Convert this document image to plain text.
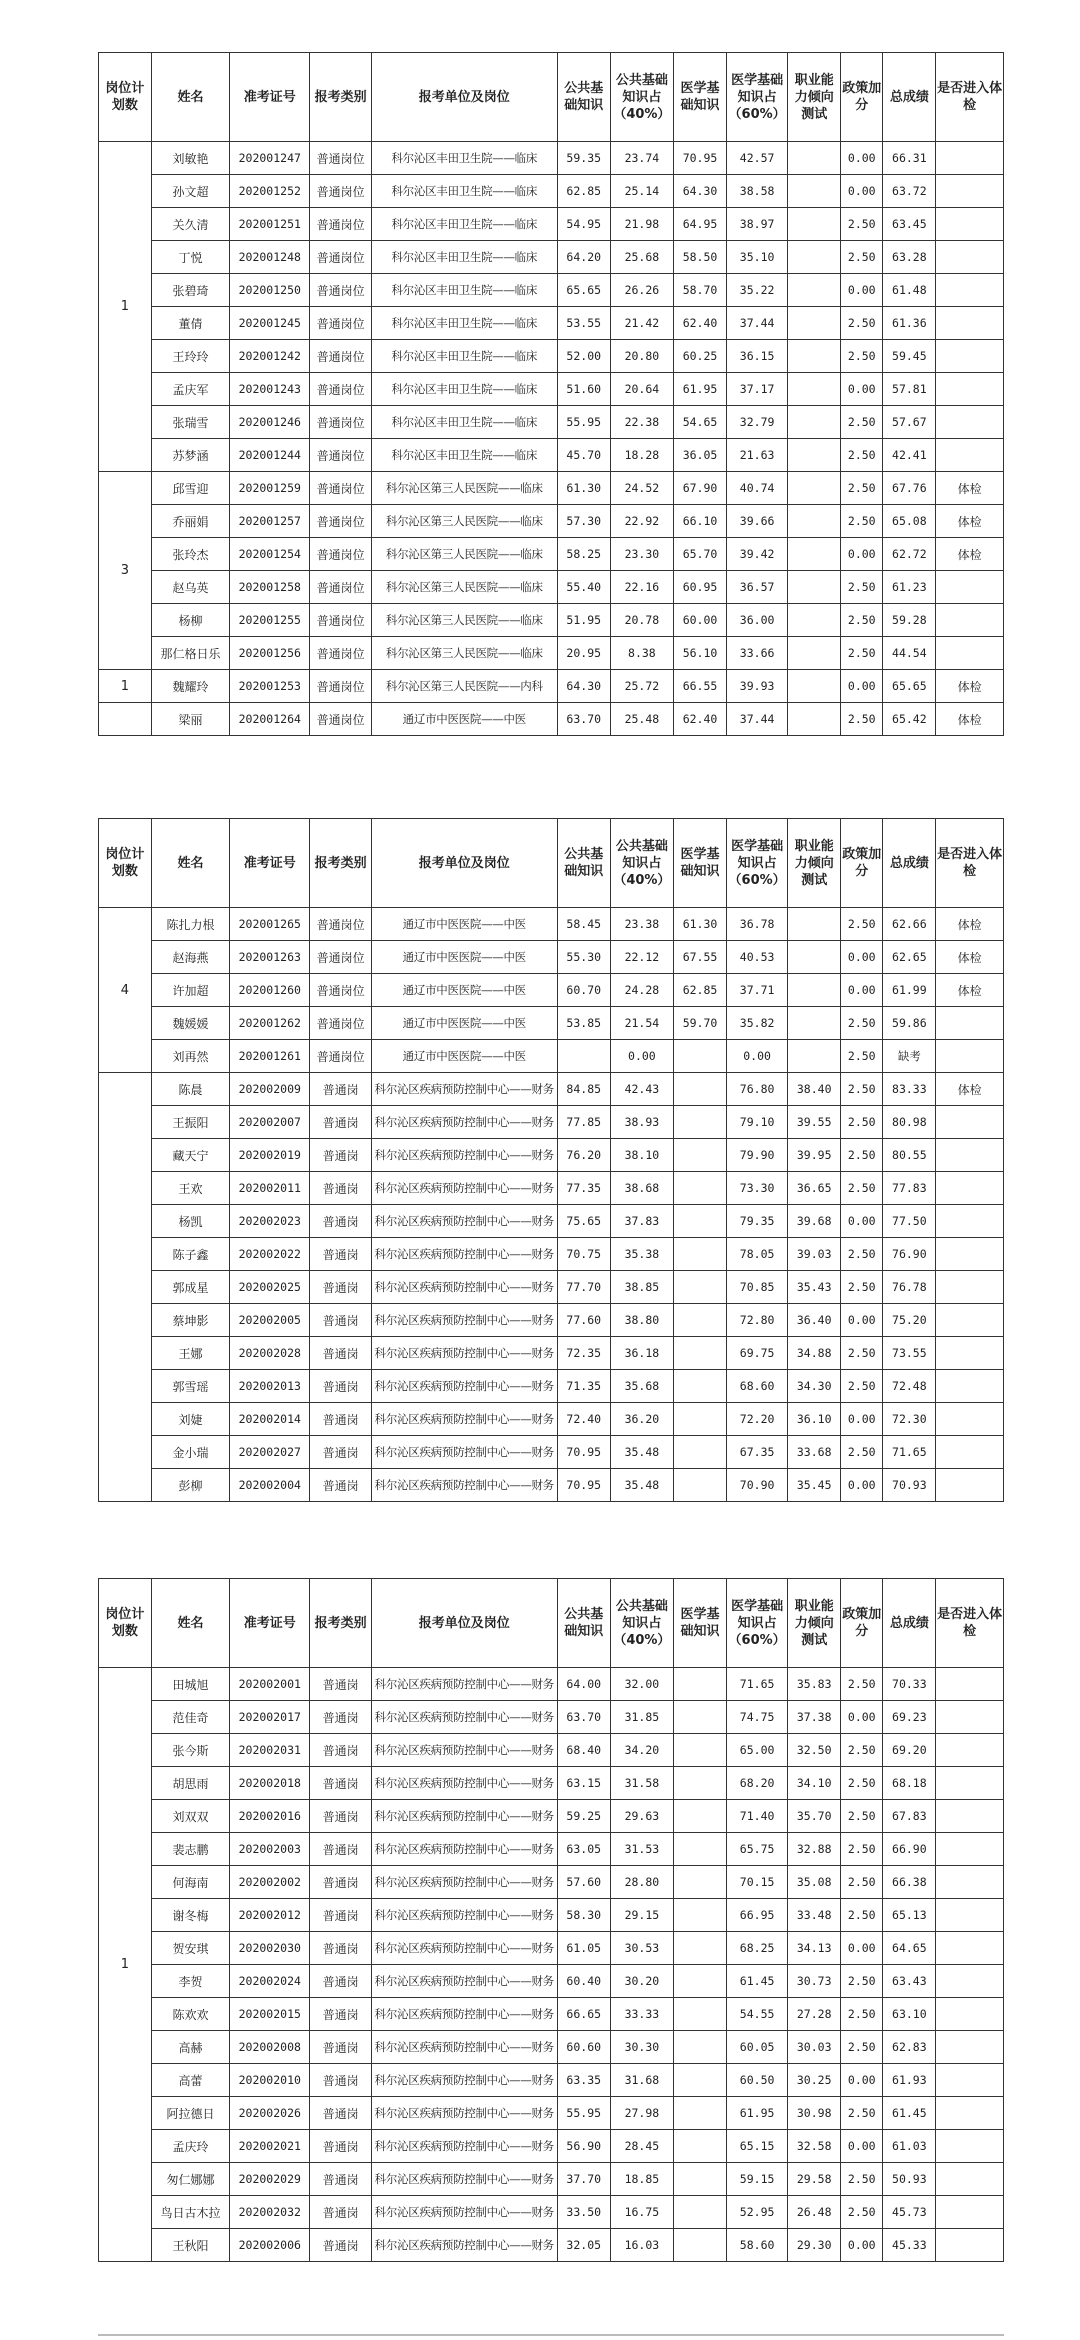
岗位计划数	姓名	准考证号	报考类别	报考单位及岗位	公共基础知识	公共基础知识占（40%）	医学基础知识	医学基础知识占（60%）	职业能力倾向测试	政策加分	总成绩	是否进入体检
1	刘敏艳	202001247	普通岗位	科尔沁区丰田卫生院——临床	59.35	23.74	70.95	42.57		0.00	66.31	
	孙文超	202001252	普通岗位	科尔沁区丰田卫生院——临床	62.85	25.14	64.30	38.58		0.00	63.72	
	关久清	202001251	普通岗位	科尔沁区丰田卫生院——临床	54.95	21.98	64.95	38.97		2.50	63.45	
	丁悦	202001248	普通岗位	科尔沁区丰田卫生院——临床	64.20	25.68	58.50	35.10		2.50	63.28	
	张碧琦	202001250	普通岗位	科尔沁区丰田卫生院——临床	65.65	26.26	58.70	35.22		0.00	61.48	
	董倩	202001245	普通岗位	科尔沁区丰田卫生院——临床	53.55	21.42	62.40	37.44		2.50	61.36	
	王玲玲	202001242	普通岗位	科尔沁区丰田卫生院——临床	52.00	20.80	60.25	36.15		2.50	59.45	
	孟庆军	202001243	普通岗位	科尔沁区丰田卫生院——临床	51.60	20.64	61.95	37.17		0.00	57.81	
	张瑞雪	202001246	普通岗位	科尔沁区丰田卫生院——临床	55.95	22.38	54.65	32.79		2.50	57.67	
	苏梦涵	202001244	普通岗位	科尔沁区丰田卫生院——临床	45.70	18.28	36.05	21.63		2.50	42.41	
3	邱雪迎	202001259	普通岗位	科尔沁区第三人民医院——临床	61.30	24.52	67.90	40.74		2.50	67.76	体检
	乔丽娟	202001257	普通岗位	科尔沁区第三人民医院——临床	57.30	22.92	66.10	39.66		2.50	65.08	体检
	张玲杰	202001254	普通岗位	科尔沁区第三人民医院——临床	58.25	23.30	65.70	39.42		0.00	62.72	体检
	赵乌英	202001258	普通岗位	科尔沁区第三人民医院——临床	55.40	22.16	60.95	36.57		2.50	61.23	
	杨柳	202001255	普通岗位	科尔沁区第三人民医院——临床	51.95	20.78	60.00	36.00		2.50	59.28	
	那仁格日乐	202001256	普通岗位	科尔沁区第三人民医院——临床	20.95	8.38	56.10	33.66		2.50	44.54	
1	魏耀玲	202001253	普通岗位	科尔沁区第三人民医院——内科	64.30	25.72	66.55	39.93		0.00	65.65	体检
	梁丽	202001264	普通岗位	通辽市中医医院——中医	63.70	25.48	62.40	37.44		2.50	65.42	体检
岗位计划数	姓名	准考证号	报考类别	报考单位及岗位	公共基础知识	公共基础知识占（40%）	医学基础知识	医学基础知识占（60%）	职业能力倾向测试	政策加分	总成绩	是否进入体检
4	陈扎力根	202001265	普通岗位	通辽市中医医院——中医	58.45	23.38	61.30	36.78		2.50	62.66	体检
	赵海燕	202001263	普通岗位	通辽市中医医院——中医	55.30	22.12	67.55	40.53		0.00	62.65	体检
	许加超	202001260	普通岗位	通辽市中医医院——中医	60.70	24.28	62.85	37.71		0.00	61.99	体检
	魏媛媛	202001262	普通岗位	通辽市中医医院——中医	53.85	21.54	59.70	35.82		2.50	59.86	
	刘再然	202001261	普通岗位	通辽市中医医院——中医		0.00		0.00		2.50	缺考	
	陈晨	202002009	普通岗	科尔沁区疾病预防控制中心——财务	84.85	42.43		76.80	38.40	2.50	83.33	体检
	王振阳	202002007	普通岗	科尔沁区疾病预防控制中心——财务	77.85	38.93		79.10	39.55	2.50	80.98	
	藏天宁	202002019	普通岗	科尔沁区疾病预防控制中心——财务	76.20	38.10		79.90	39.95	2.50	80.55	
	王欢	202002011	普通岗	科尔沁区疾病预防控制中心——财务	77.35	38.68		73.30	36.65	2.50	77.83	
	杨凯	202002023	普通岗	科尔沁区疾病预防控制中心——财务	75.65	37.83		79.35	39.68	0.00	77.50	
	陈子鑫	202002022	普通岗	科尔沁区疾病预防控制中心——财务	70.75	35.38		78.05	39.03	2.50	76.90	
	郭成星	202002025	普通岗	科尔沁区疾病预防控制中心——财务	77.70	38.85		70.85	35.43	2.50	76.78	
	蔡坤影	202002005	普通岗	科尔沁区疾病预防控制中心——财务	77.60	38.80		72.80	36.40	0.00	75.20	
	王娜	202002028	普通岗	科尔沁区疾病预防控制中心——财务	72.35	36.18		69.75	34.88	2.50	73.55	
	郭雪瑶	202002013	普通岗	科尔沁区疾病预防控制中心——财务	71.35	35.68		68.60	34.30	2.50	72.48	
	刘婕	202002014	普通岗	科尔沁区疾病预防控制中心——财务	72.40	36.20		72.20	36.10	0.00	72.30	
	金小瑞	202002027	普通岗	科尔沁区疾病预防控制中心——财务	70.95	35.48		67.35	33.68	2.50	71.65	
	彭柳	202002004	普通岗	科尔沁区疾病预防控制中心——财务	70.95	35.48		70.90	35.45	0.00	70.93	
岗位计划数	姓名	准考证号	报考类别	报考单位及岗位	公共基础知识	公共基础知识占（40%）	医学基础知识	医学基础知识占（60%）	职业能力倾向测试	政策加分	总成绩	是否进入体检
1	田城旭	202002001	普通岗	科尔沁区疾病预防控制中心——财务	64.00	32.00		71.65	35.83	2.50	70.33	
	范佳奇	202002017	普通岗	科尔沁区疾病预防控制中心——财务	63.70	31.85		74.75	37.38	0.00	69.23	
	张今斯	202002031	普通岗	科尔沁区疾病预防控制中心——财务	68.40	34.20		65.00	32.50	2.50	69.20	
	胡思雨	202002018	普通岗	科尔沁区疾病预防控制中心——财务	63.15	31.58		68.20	34.10	2.50	68.18	
	刘双双	202002016	普通岗	科尔沁区疾病预防控制中心——财务	59.25	29.63		71.40	35.70	2.50	67.83	
	裴志鹏	202002003	普通岗	科尔沁区疾病预防控制中心——财务	63.05	31.53		65.75	32.88	2.50	66.90	
	何海南	202002002	普通岗	科尔沁区疾病预防控制中心——财务	57.60	28.80		70.15	35.08	2.50	66.38	
	谢冬梅	202002012	普通岗	科尔沁区疾病预防控制中心——财务	58.30	29.15		66.95	33.48	2.50	65.13	
	贺安琪	202002030	普通岗	科尔沁区疾病预防控制中心——财务	61.05	30.53		68.25	34.13	0.00	64.65	
	李贺	202002024	普通岗	科尔沁区疾病预防控制中心——财务	60.40	30.20		61.45	30.73	2.50	63.43	
	陈欢欢	202002015	普通岗	科尔沁区疾病预防控制中心——财务	66.65	33.33		54.55	27.28	2.50	63.10	
	高赫	202002008	普通岗	科尔沁区疾病预防控制中心——财务	60.60	30.30		60.05	30.03	2.50	62.83	
	高蕾	202002010	普通岗	科尔沁区疾病预防控制中心——财务	63.35	31.68		60.50	30.25	0.00	61.93	
	阿拉德日	202002026	普通岗	科尔沁区疾病预防控制中心——财务	55.95	27.98		61.95	30.98	2.50	61.45	
	孟庆玲	202002021	普通岗	科尔沁区疾病预防控制中心——财务	56.90	28.45		65.15	32.58	0.00	61.03	
	匆仁娜娜	202002029	普通岗	科尔沁区疾病预防控制中心——财务	37.70	18.85		59.15	29.58	2.50	50.93	
	鸟日古木拉	202002032	普通岗	科尔沁区疾病预防控制中心——财务	33.50	16.75		52.95	26.48	2.50	45.73	
	王秋阳	202002006	普通岗	科尔沁区疾病预防控制中心——财务	32.05	16.03		58.60	29.30	0.00	45.33	
